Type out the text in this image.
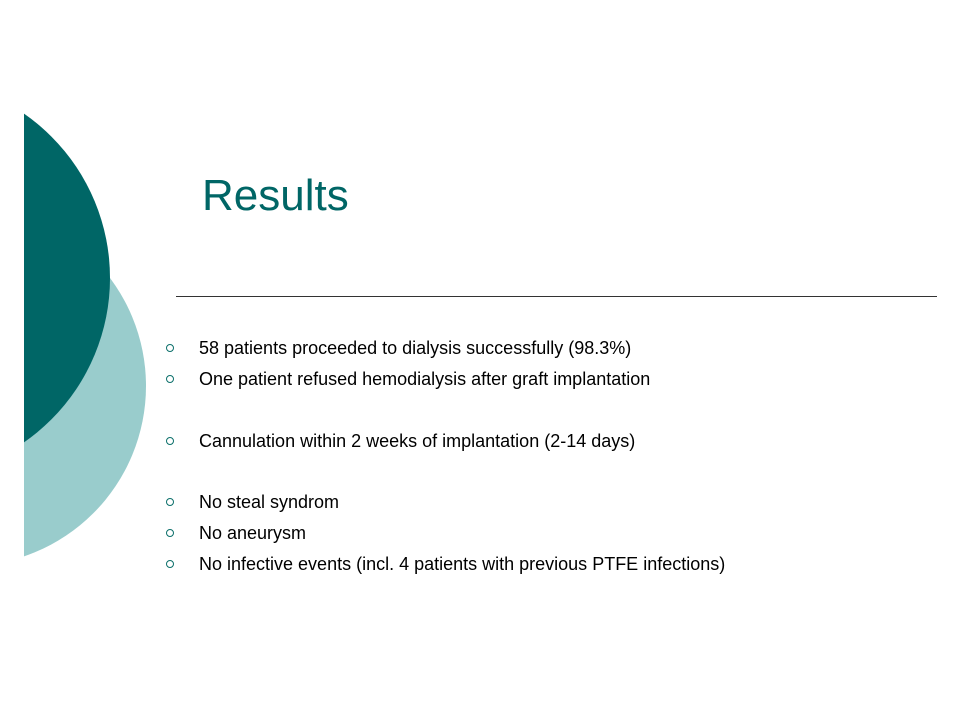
Results
58 patients proceeded to dialysis successfully (98.3%)
One patient refused hemodialysis after graft implantation
Cannulation within 2 weeks of implantation (2-14 days)
No steal syndrom
No aneurysm
No infective events (incl. 4 patients with previous PTFE infections)
